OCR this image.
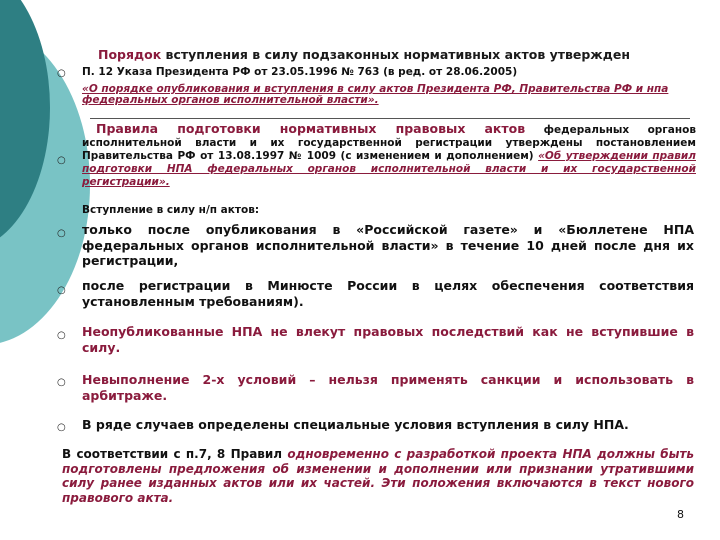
○

Порядок вступления в силу подзаконных нормативных актов утвержден

П. 12 Указа Президента РФ от 23.05.1996 № 763 (в ред. от 28.06.2005)

«О порядке опубликования и вступления в силу актов Президента РФ, Правительства РФ и нпа федеральных органов исполнительной власти».

○

Правила подготовки нормативных правовых актов федеральных органов исполнительной власти и их государственной регистрации утверждены постановлением Правительства РФ от 13.08.1997 № 1009 (с изменением и дополнением) «Об утверждении правил подготовки НПА федеральных органов исполнительной власти и их государственной регистрации».

Вступление в силу н/п актов:

○ только после опубликования в «Российской газете» и «Бюллетене НПА федеральных органов исполнительной власти» в течение 10 дней после дня их регистрации,

○ после регистрации в Минюсте России в целях обеспечения соответствия установленным требованиям).

○ Неопубликованные НПА не влекут правовых последствий как не вступившие в силу.

○ Невыполнение 2-х условий – нельзя применять санкции и использовать в арбитраже.

○ В ряде случаев определены специальные условия вступления в силу НПА.

В соответствии с п.7, 8 Правил одновременно с разработкой проекта НПА должны быть подготовлены предложения об изменении и дополнении или признании утратившими силу ранее изданных актов или их частей. Эти положения включаются в текст нового правового акта.

8
